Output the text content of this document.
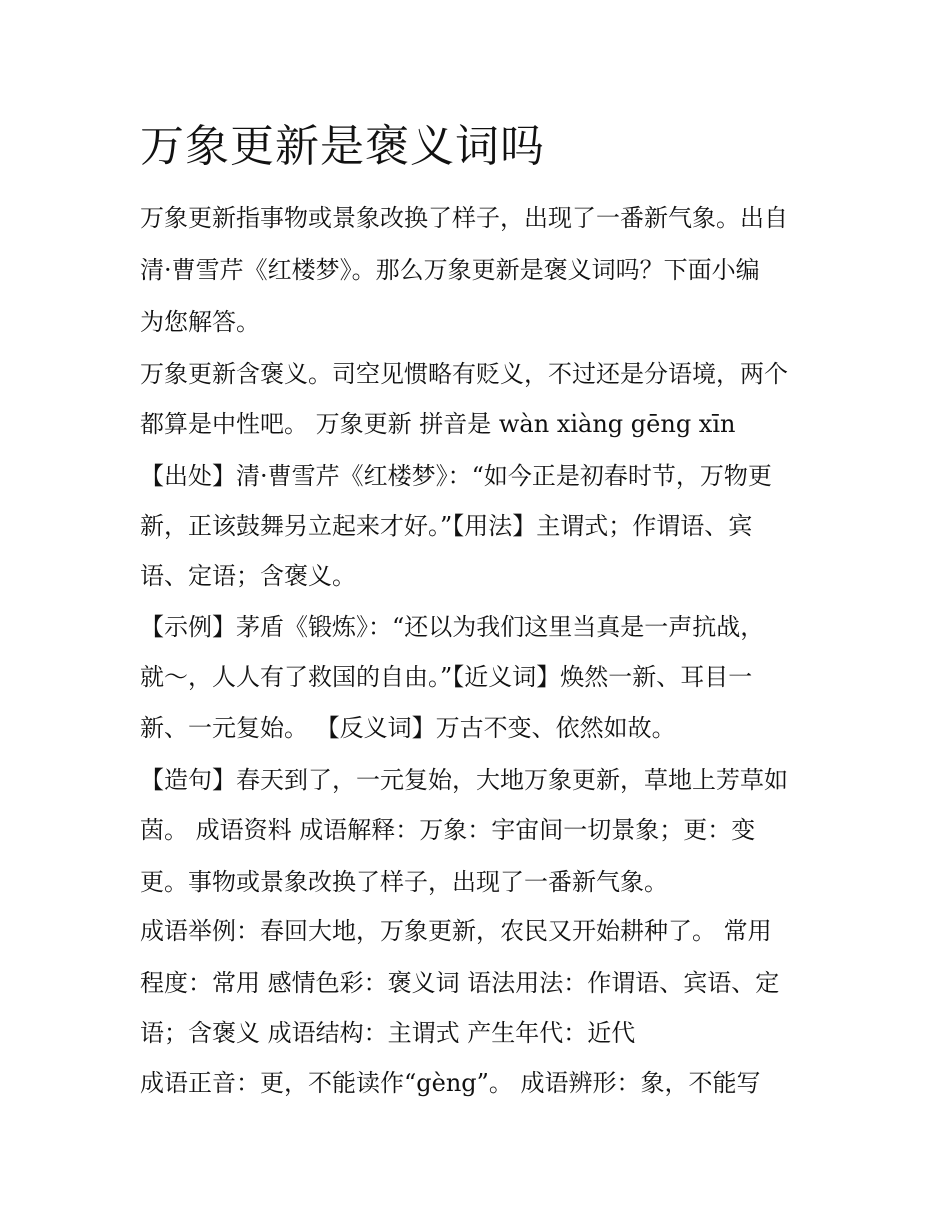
万象更新是褒义词吗

万象更新指事物或景象改换了样子，出现了一番新气象。出自

清·曹雪芹《红楼梦》。那么万象更新是褒义词吗？下面小编

为您解答。

万象更新含褒义。司空见惯略有贬义，不过还是分语境，两个

都算是中性吧。 万象更新 拼音是 wàn xiàng gēng xīn

【出处】清·曹雪芹《红楼梦》：“如今正是初春时节，万物更

新，正该鼓舞另立起来才好。”【用法】主谓式；作谓语、宾

语、定语；含褒义。

【示例】茅盾《锻炼》：“还以为我们这里当真是一声抗战，

就～，人人有了救国的自由。”【近义词】焕然一新、耳目一

新、一元复始。 【反义词】万古不变、依然如故。

【造句】春天到了，一元复始，大地万象更新，草地上芳草如

茵。 成语资料 成语解释：万象：宇宙间一切景象；更：变

更。事物或景象改换了样子，出现了一番新气象。

成语举例：春回大地，万象更新，农民又开始耕种了。 常用

程度：常用 感情色彩：褒义词 语法用法：作谓语、宾语、定

语；含褒义 成语结构：主谓式 产生年代：近代

成语正音：更，不能读作“gèng”。 成语辨形：象，不能写
